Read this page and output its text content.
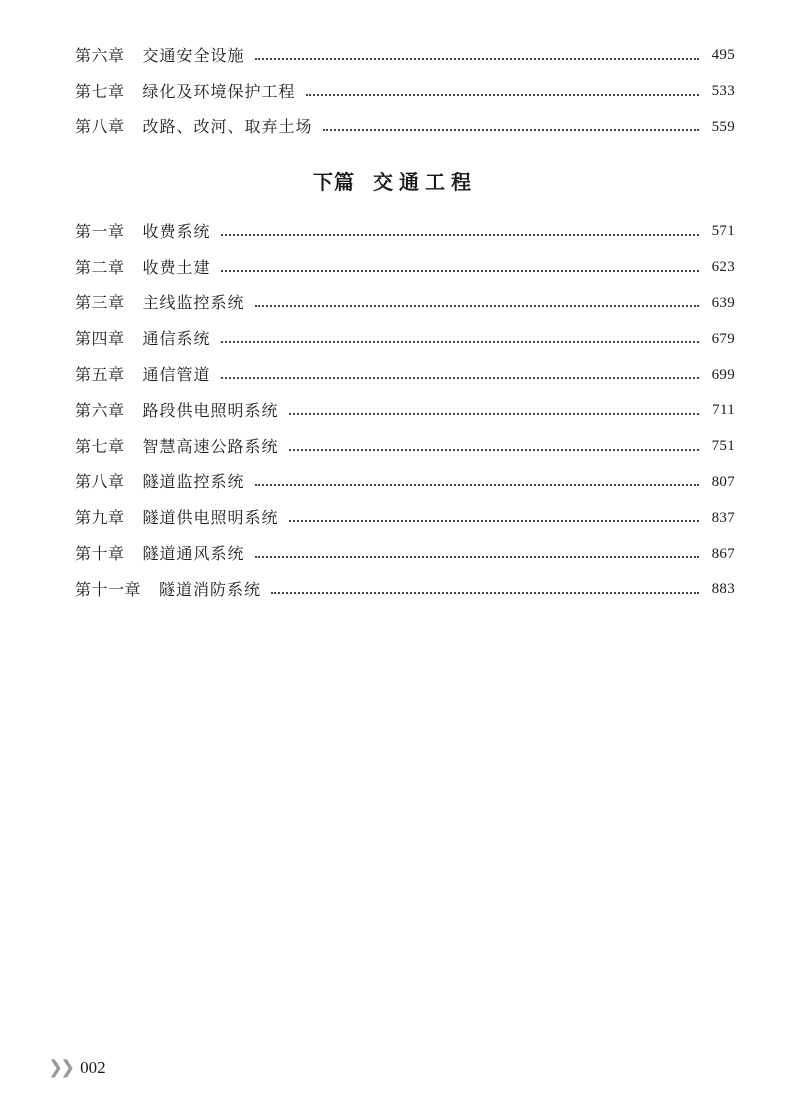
第六章 交通安全设施	495
第七章 绿化及环境保护工程	533
第八章 改路、改河、取弃土场	559
下篇 交通工程
第一章 收费系统	571
第二章 收费土建	623
第三章 主线监控系统	639
第四章 通信系统	679
第五章 通信管道	699
第六章 路段供电照明系统	711
第七章 智慧高速公路系统	751
第八章 隧道监控系统	807
第九章 隧道供电照明系统	837
第十章 隧道通风系统	867
第十一章 隧道消防系统	883
❯❯ 002
